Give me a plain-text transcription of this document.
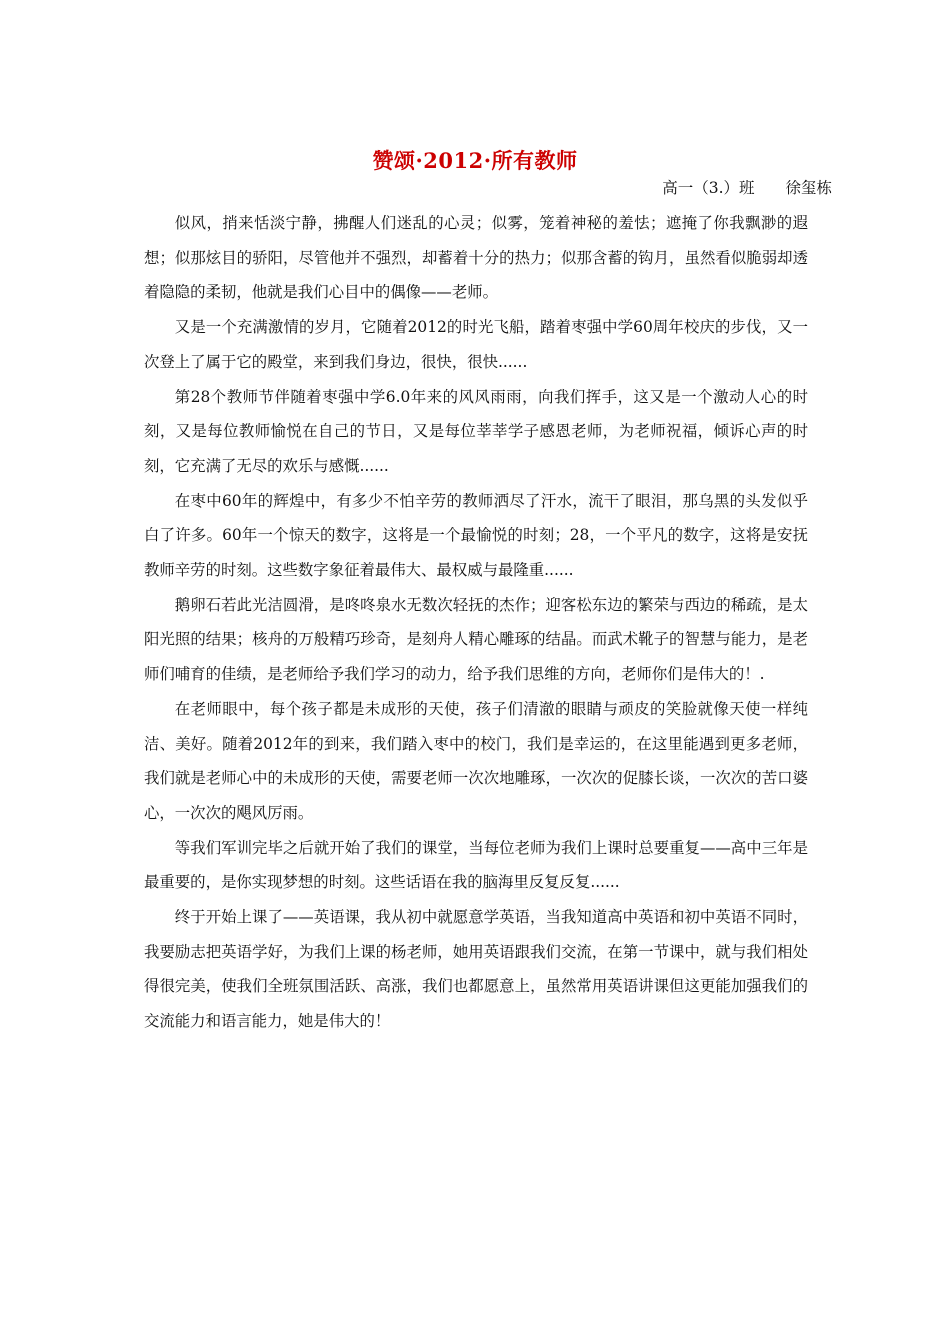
赞颂·2012·所有教师
高一（3.）班　　徐玺栋

似风，捎来恬淡宁静，拂醒人们迷乱的心灵；似雾，笼着神秘的羞怯；遮掩了你我飘渺的遐想；似那炫目的骄阳，尽管他并不强烈，却蓄着十分的热力；似那含蓄的钩月，虽然看似脆弱却透着隐隐的柔韧，他就是我们心目中的偶像——老师。

又是一个充满激情的岁月，它随着2012的时光飞船，踏着枣强中学60周年校庆的步伐，又一次登上了属于它的殿堂，来到我们身边，很快，很快......

第28个教师节伴随着枣强中学6.0年来的风风雨雨，向我们挥手，这又是一个激动人心的时刻，又是每位教师愉悦在自己的节日，又是每位莘莘学子感恩老师，为老师祝福，倾诉心声的时刻，它充满了无尽的欢乐与感慨......

在枣中60年的辉煌中，有多少不怕辛劳的教师洒尽了汗水，流干了眼泪，那乌黑的头发似乎白了许多。60年一个惊天的数字，这将是一个最愉悦的时刻；28，一个平凡的数字，这将是安抚教师辛劳的时刻。这些数字象征着最伟大、最权威与最隆重......

鹅卵石若此光洁圆滑，是咚咚泉水无数次轻抚的杰作；迎客松东边的繁荣与西边的稀疏，是太阳光照的结果；核舟的万般精巧珍奇，是刻舟人精心雕琢的结晶。而武术靴子的智慧与能力，是老师们哺育的佳绩，是老师给予我们学习的动力，给予我们思维的方向，老师你们是伟大的！.

在老师眼中，每个孩子都是未成形的天使，孩子们清澈的眼睛与顽皮的笑脸就像天使一样纯洁、美好。随着2012年的到来，我们踏入枣中的校门，我们是幸运的，在这里能遇到更多老师，我们就是老师心中的未成形的天使，需要老师一次次地雕琢，一次次的促膝长谈，一次次的苦口婆心，一次次的飓风厉雨。

等我们军训完毕之后就开始了我们的课堂，当每位老师为我们上课时总要重复——高中三年是最重要的，是你实现梦想的时刻。这些话语在我的脑海里反复反复......

终于开始上课了——英语课，我从初中就愿意学英语，当我知道高中英语和初中英语不同时，我要励志把英语学好，为我们上课的杨老师，她用英语跟我们交流，在第一节课中，就与我们相处得很完美，使我们全班氛围活跃、高涨，我们也都愿意上，虽然常用英语讲课但这更能加强我们的交流能力和语言能力，她是伟大的！
